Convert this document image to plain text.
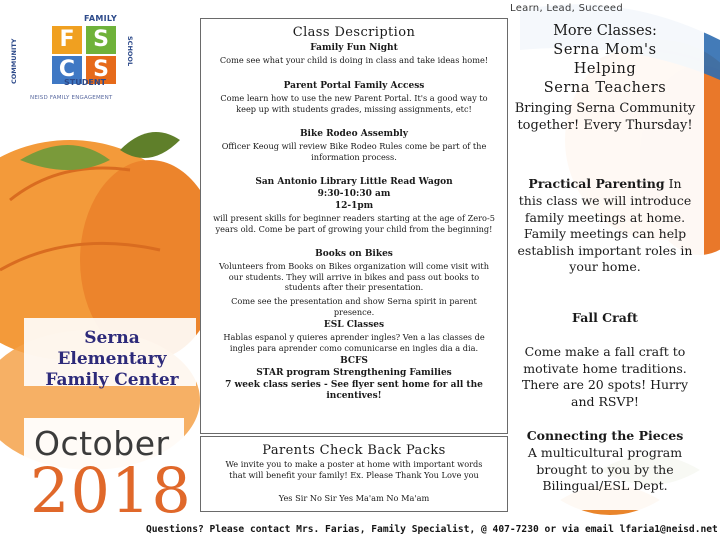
Learn, Lead, Succeed
FAMILY
COMMUNITY	SCHOOL
F S
C S
STUDENT
NEISD FAMILY ENGAGEMENT
Serna Elementary Family Center
October
2018
Class Description
Family Fun Night
Come see what your child is doing in class and take ideas home!
Parent Portal Family Access
Come learn how to use the new Parent Portal. It's a good way to keep up with students grades, missing assignments, etc!
Bike Rodeo Assembly
Officer Keoug will review Bike Rodeo Rules come be part of the information process.
San Antonio Library Little Read Wagon
9:30-10:30 am
12-1pm
will present skills for beginner readers starting at the age of Zero-5 years old. Come be part of growing your child from the beginning!
Books on Bikes
Volunteers from Books on Bikes organization will come visit with our students. They will arrive in bikes and pass out books to students after their presentation.
Come see the presentation and show Serna spirit in parent presence.
ESL Classes
Hablas espanol y quieres aprender ingles? Ven a las classes de ingles para aprender como comunicarse en ingles dia a dia.
BCFS
STAR program Strengthening Families
7 week class series - See flyer sent home for all the incentives!
Parents Check Back Packs
We invite you to make a poster at home with important words that will benefit your family! Ex. Please Thank You Love you
Yes Sir No Sir Yes Ma'am No Ma'am
More Classes:
Serna Mom's
Helping
Serna Teachers
Bringing Serna Community together! Every Thursday!
Practical Parenting In
this class we will introduce family meetings at home. Family meetings can help establish important roles in your home.
Fall Craft
Come make a fall craft to motivate home traditions. There are 20 spots! Hurry and RSVP!
Connecting the Pieces
A multicultural program brought to you by the Bilingual/ESL Dept.
Questions? Please contact Mrs. Farias, Family Specialist, @ 407-7230 or via email lfaria1@neisd.net
